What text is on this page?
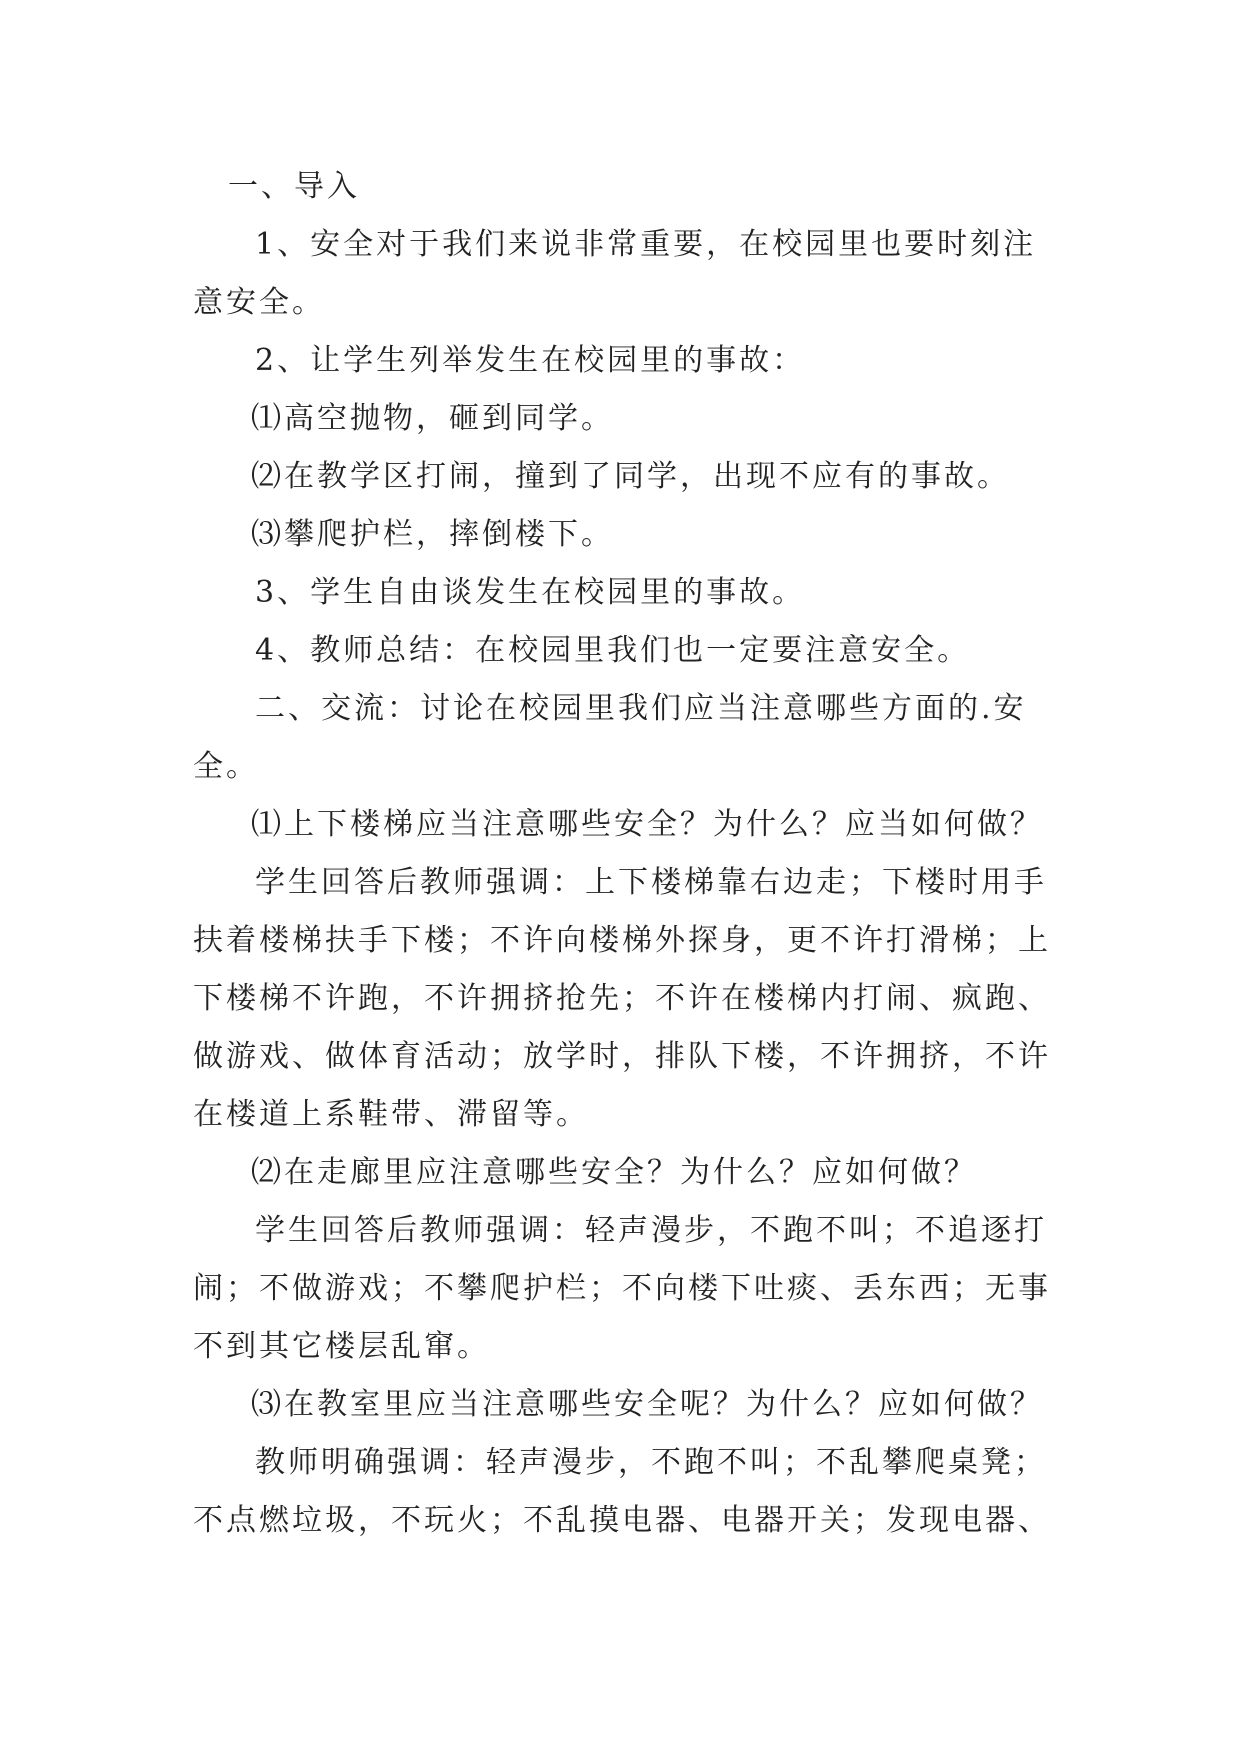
一、导入
1、安全对于我们来说非常重要，在校园里也要时刻注
意安全。
2、让学生列举发生在校园里的事故：
⑴高空抛物，砸到同学。
⑵在教学区打闹，撞到了同学，出现不应有的事故。
⑶攀爬护栏，摔倒楼下。
3、学生自由谈发生在校园里的事故。
4、教师总结：在校园里我们也一定要注意安全。
二、交流：讨论在校园里我们应当注意哪些方面的.安
全。
⑴上下楼梯应当注意哪些安全？为什么？应当如何做？
学生回答后教师强调：上下楼梯靠右边走；下楼时用手
扶着楼梯扶手下楼；不许向楼梯外探身，更不许打滑梯；上
下楼梯不许跑，不许拥挤抢先；不许在楼梯内打闹、疯跑、
做游戏、做体育活动；放学时，排队下楼，不许拥挤，不许
在楼道上系鞋带、滞留等。
⑵在走廊里应注意哪些安全？为什么？应如何做？
学生回答后教师强调：轻声漫步，不跑不叫；不追逐打
闹；不做游戏；不攀爬护栏；不向楼下吐痰、丢东西；无事
不到其它楼层乱窜。
⑶在教室里应当注意哪些安全呢？为什么？应如何做？
教师明确强调：轻声漫步，不跑不叫；不乱攀爬桌凳；
不点燃垃圾，不玩火；不乱摸电器、电器开关；发现电器、
